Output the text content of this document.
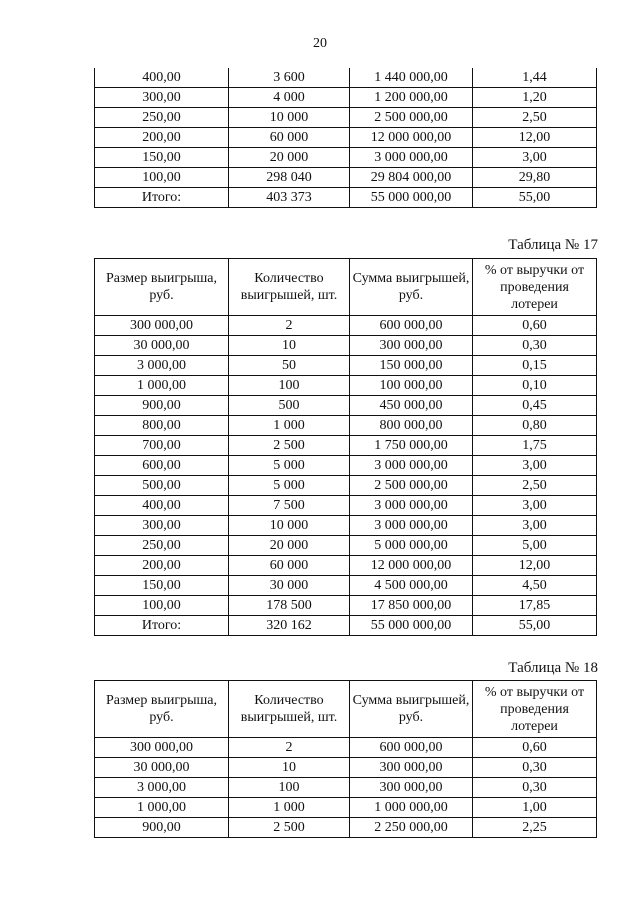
20
400,00	3 600	1 440 000,00	1,44
300,00	4 000	1 200 000,00	1,20
250,00	10 000	2 500 000,00	2,50
200,00	60 000	12 000 000,00	12,00
150,00	20 000	3 000 000,00	3,00
100,00	298 040	29 804 000,00	29,80
Итого:	403 373	55 000 000,00	55,00
Таблица № 17
Размер выигрыша, руб.	Количество выигрышей, шт.	Сумма выигрышей, руб.	% от выручки от проведения лотереи
300 000,00	2	600 000,00	0,60
30 000,00	10	300 000,00	0,30
3 000,00	50	150 000,00	0,15
1 000,00	100	100 000,00	0,10
900,00	500	450 000,00	0,45
800,00	1 000	800 000,00	0,80
700,00	2 500	1 750 000,00	1,75
600,00	5 000	3 000 000,00	3,00
500,00	5 000	2 500 000,00	2,50
400,00	7 500	3 000 000,00	3,00
300,00	10 000	3 000 000,00	3,00
250,00	20 000	5 000 000,00	5,00
200,00	60 000	12 000 000,00	12,00
150,00	30 000	4 500 000,00	4,50
100,00	178 500	17 850 000,00	17,85
Итого:	320 162	55 000 000,00	55,00
Таблица № 18
Размер выигрыша, руб.	Количество выигрышей, шт.	Сумма выигрышей, руб.	% от выручки от проведения лотереи
300 000,00	2	600 000,00	0,60
30 000,00	10	300 000,00	0,30
3 000,00	100	300 000,00	0,30
1 000,00	1 000	1 000 000,00	1,00
900,00	2 500	2 250 000,00	2,25
